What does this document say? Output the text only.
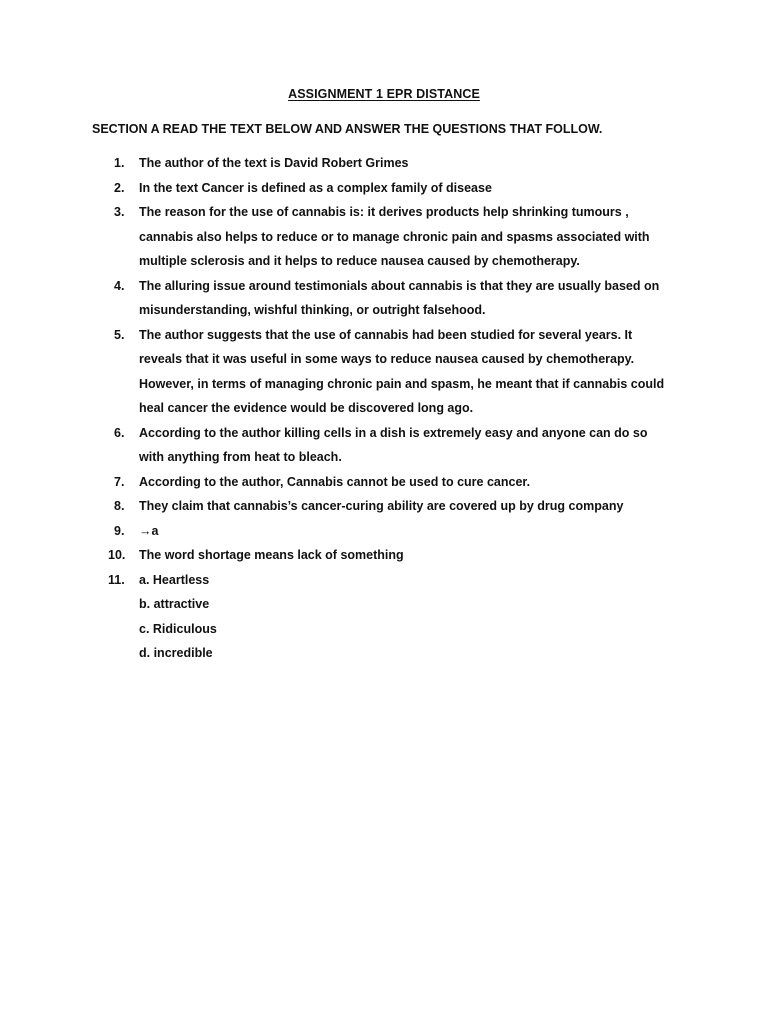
ASSIGNMENT 1 EPR DISTANCE
SECTION A READ THE TEXT BELOW AND ANSWER THE QUESTIONS THAT FOLLOW.
1.	The author of the text is David Robert Grimes
2.	In the text Cancer is defined as a complex family of disease
3.	The reason for the use of cannabis is: it derives products help shrinking tumours , cannabis also helps to reduce or to manage chronic pain and spasms associated with multiple sclerosis and it helps to reduce nausea caused by chemotherapy.
4.	The alluring issue around testimonials about cannabis is that they are usually based on misunderstanding, wishful thinking, or outright falsehood.
5.	The author suggests that the use of cannabis had been studied for several years. It reveals that it was useful in some ways to reduce nausea caused by chemotherapy. However, in terms of managing chronic pain and spasm, he meant that if cannabis could heal cancer the evidence would be discovered long ago.
6.	According to the author killing cells in a dish is extremely easy and anyone can do so with anything from heat to bleach.
7.	According to the author, Cannabis cannot be used to cure cancer.
8.	They claim that cannabis’s cancer-curing ability are covered up by drug company
9.	→a
10.	The word shortage means lack of something
11.	a. Heartless
b. attractive
c. Ridiculous
d. incredible
